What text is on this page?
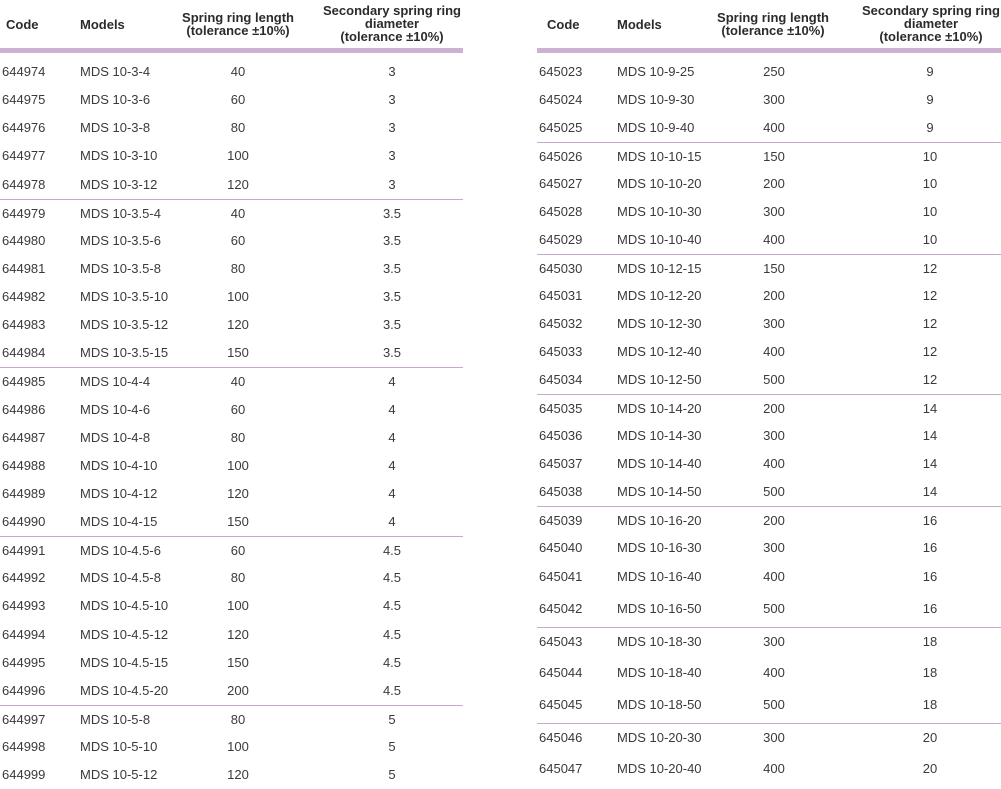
Code	Models	Spring ring length
(tolerance ±10%)
Secondary spring ring
diameter
(tolerance ±10%)
644974	MDS 10-3-4	40	3
644975	MDS 10-3-6	60	3
644976	MDS 10-3-8	80	3
644977	MDS 10-3-10	100	3
644978	MDS 10-3-12	120	3
644979	MDS 10-3.5-4	40	3.5
644980	MDS 10-3.5-6	60	3.5
644981	MDS 10-3.5-8	80	3.5
644982	MDS 10-3.5-10	100	3.5
644983	MDS 10-3.5-12	120	3.5
644984	MDS 10-3.5-15	150	3.5
644985	MDS 10-4-4	40	4
644986	MDS 10-4-6	60	4
644987	MDS 10-4-8	80	4
644988	MDS 10-4-10	100	4
644989	MDS 10-4-12	120	4
644990	MDS 10-4-15	150	4
644991	MDS 10-4.5-6	60	4.5
644992	MDS 10-4.5-8	80	4.5
644993	MDS 10-4.5-10	100	4.5
644994	MDS 10-4.5-12	120	4.5
644995	MDS 10-4.5-15	150	4.5
644996	MDS 10-4.5-20	200	4.5
644997	MDS 10-5-8	80	5
644998	MDS 10-5-10	100	5
644999	MDS 10-5-12	120	5
Code	Models	Spring ring length
(tolerance ±10%)
Secondary spring ring
diameter
(tolerance ±10%)
645023	MDS 10-9-25	250	9
645024	MDS 10-9-30	300	9
645025	MDS 10-9-40	400	9
645026	MDS 10-10-15	150	10
645027	MDS 10-10-20	200	10
645028	MDS 10-10-30	300	10
645029	MDS 10-10-40	400	10
645030	MDS 10-12-15	150	12
645031	MDS 10-12-20	200	12
645032	MDS 10-12-30	300	12
645033	MDS 10-12-40	400	12
645034	MDS 10-12-50	500	12
645035	MDS 10-14-20	200	14
645036	MDS 10-14-30	300	14
645037	MDS 10-14-40	400	14
645038	MDS 10-14-50	500	14
645039	MDS 10-16-20	200	16
645040	MDS 10-16-30	300	16
645041	MDS 10-16-40	400	16
645042	MDS 10-16-50	500	16
645043	MDS 10-18-30	300	18
645044	MDS 10-18-40	400	18
645045	MDS 10-18-50	500	18
645046	MDS 10-20-30	300	20
645047	MDS 10-20-40	400	20
